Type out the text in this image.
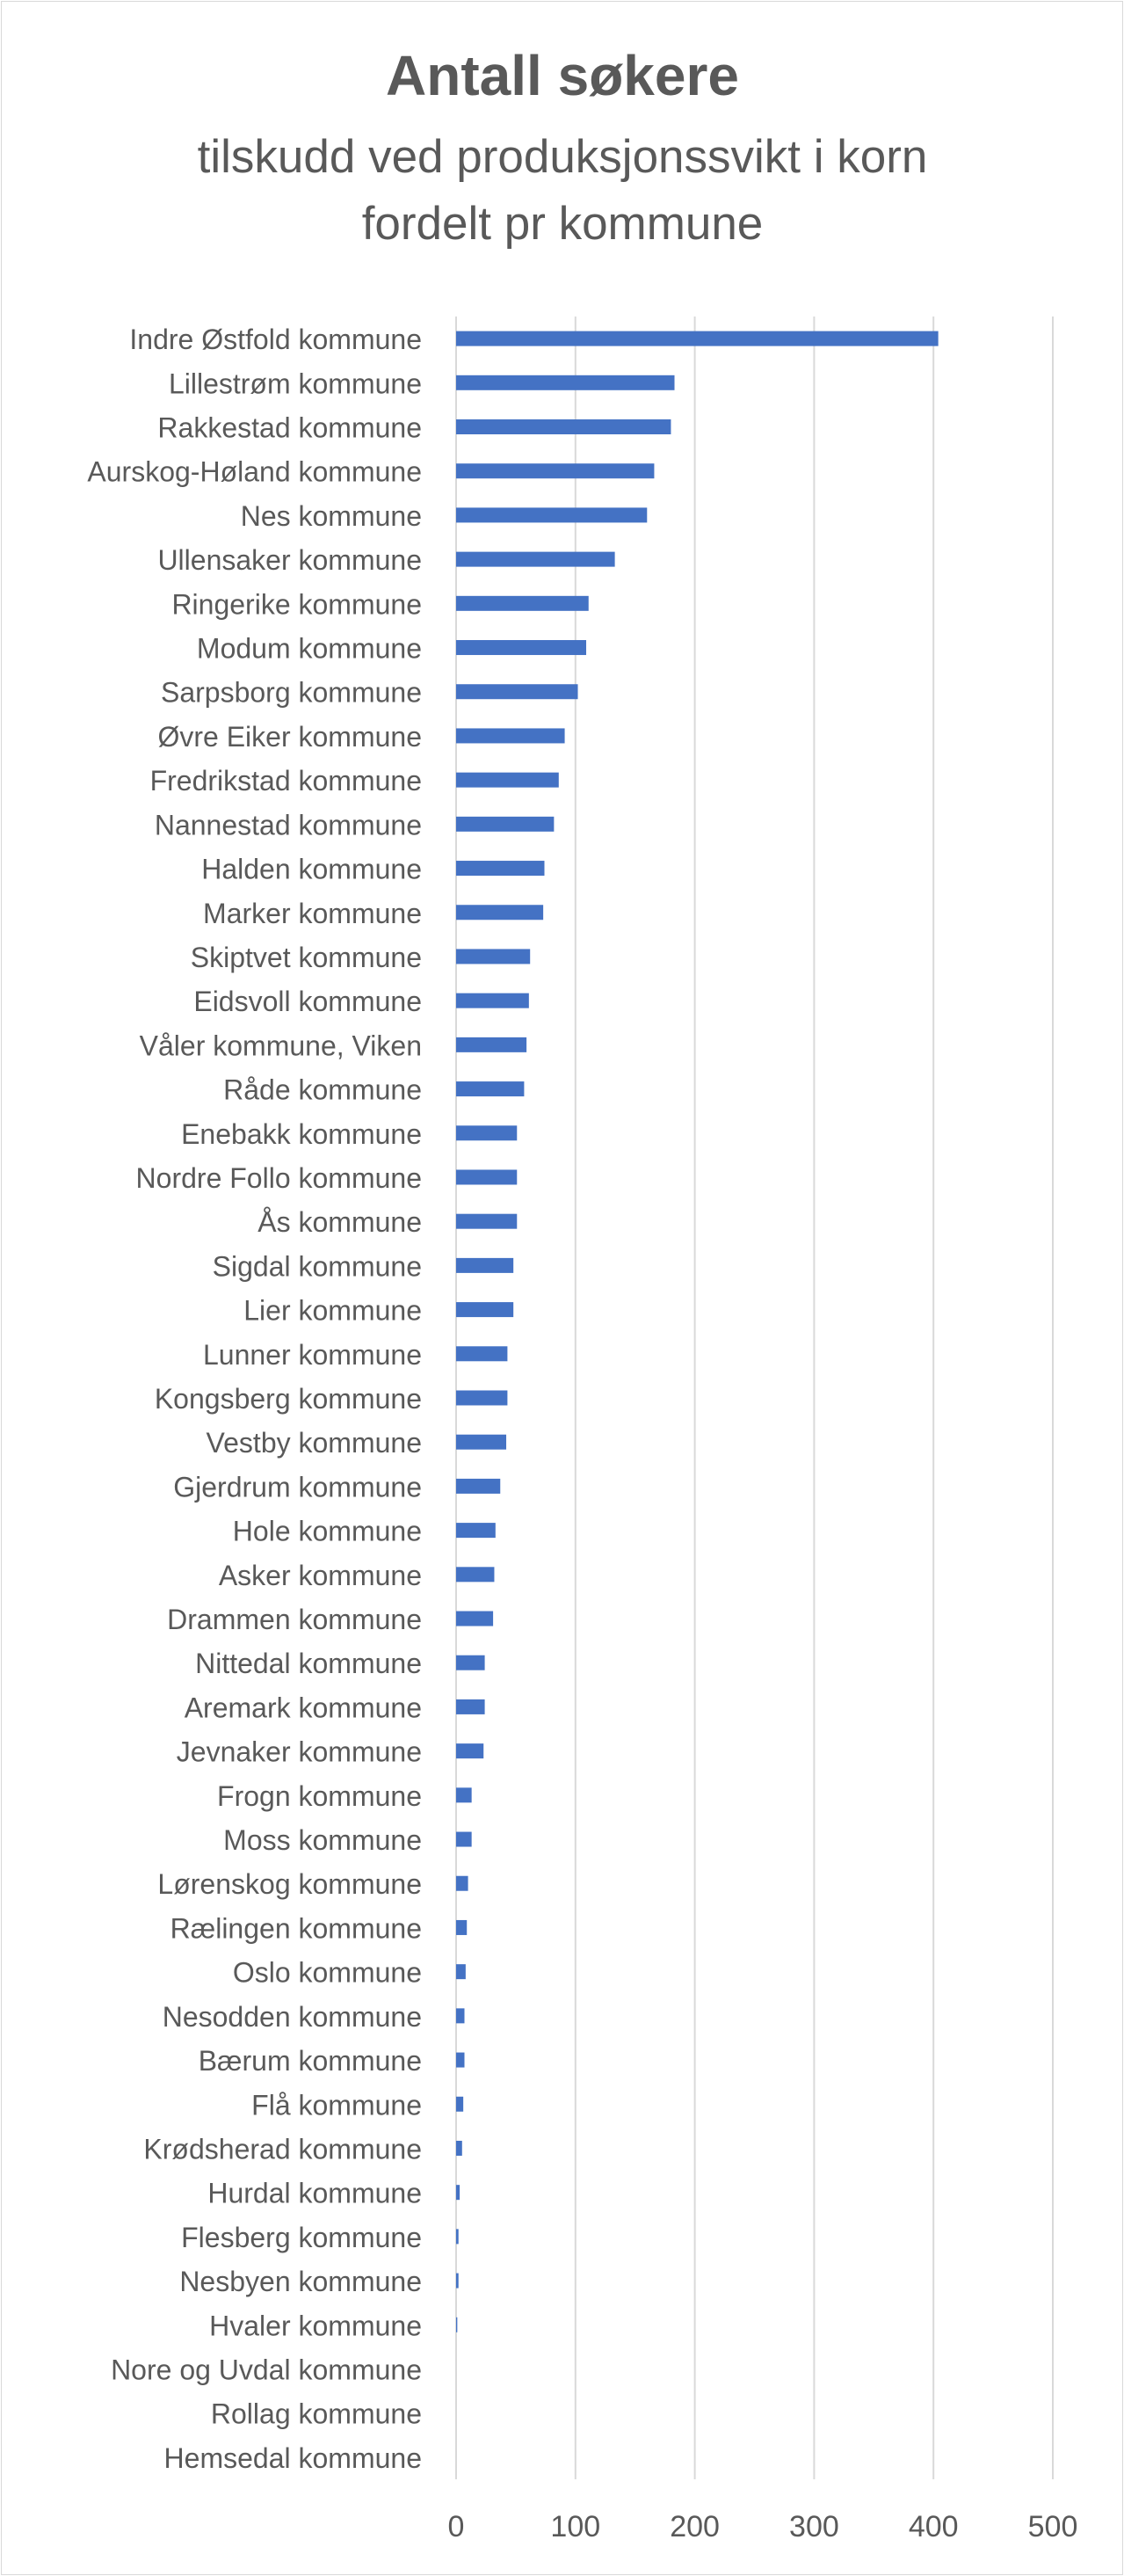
Antall søkere
tilskudd ved produksjonssvikt i korn
fordelt pr kommune
Indre Østfold kommune
Lillestrøm kommune
Rakkestad kommune
Aurskog-Høland kommune
Nes kommune
Ullensaker kommune
Ringerike kommune
Modum kommune
Sarpsborg kommune
Øvre Eiker kommune
Fredrikstad kommune
Nannestad kommune
Halden kommune
Marker kommune
Skiptvet kommune
Eidsvoll kommune
Våler kommune, Viken
Råde kommune
Enebakk kommune
Nordre Follo kommune
Ås kommune
Sigdal kommune
Lier kommune
Lunner kommune
Kongsberg kommune
Vestby kommune
Gjerdrum kommune
Hole kommune
Asker kommune
Drammen kommune
Nittedal kommune
Aremark kommune
Jevnaker kommune
Frogn kommune
Moss kommune
Lørenskog kommune
Rælingen kommune
Oslo kommune
Nesodden kommune
Bærum kommune
Flå kommune
Krødsherad kommune
Hurdal kommune
Flesberg kommune
Nesbyen kommune
Hvaler kommune
Nore og Uvdal kommune
Rollag kommune
Hemsedal kommune
0	100 200 300 400 500
